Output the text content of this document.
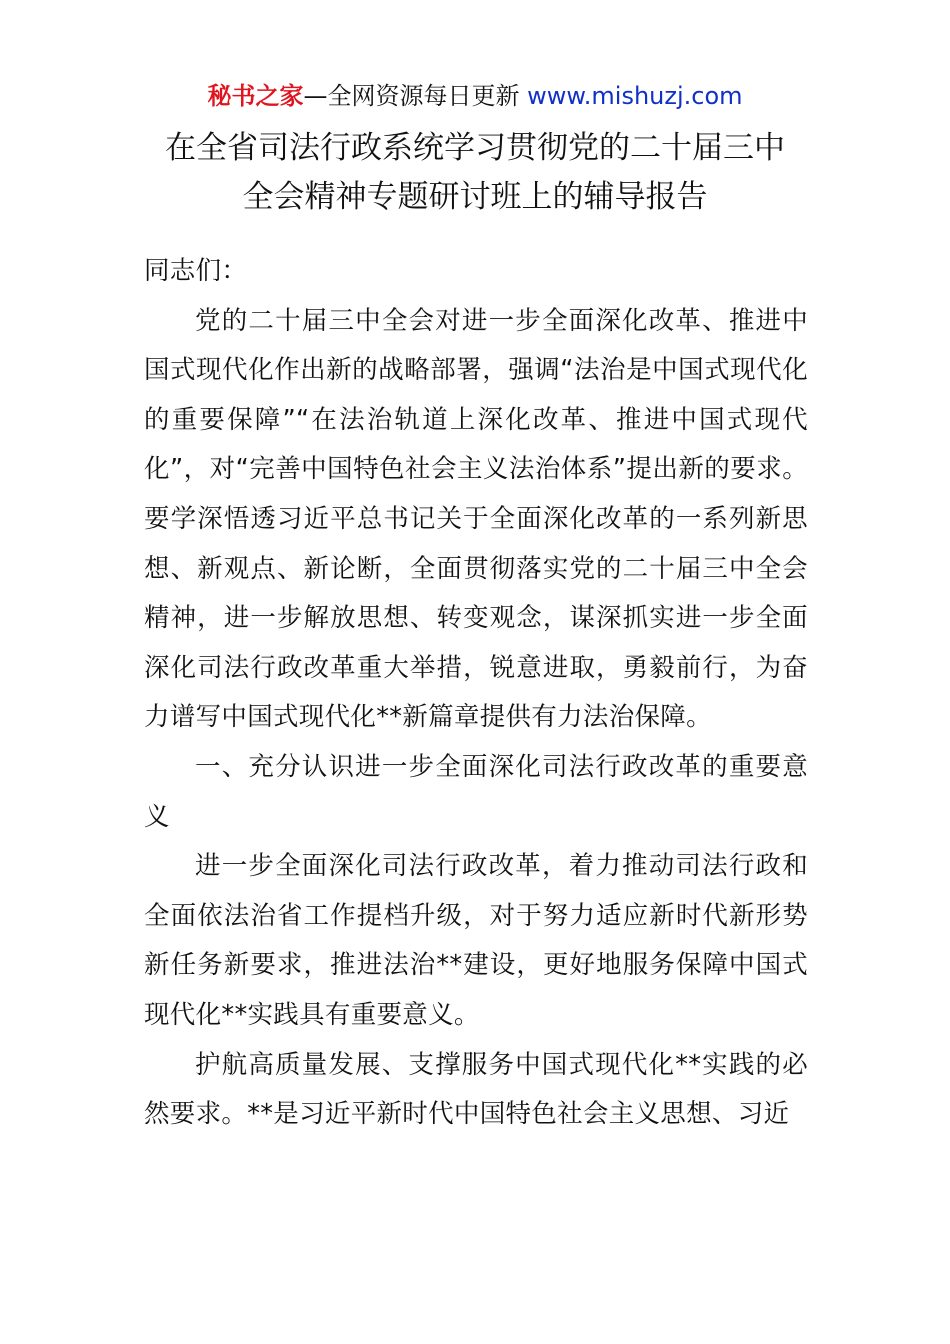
秘书之家—全网资源每日更新 www.mishuzj.com
在全省司法行政系统学习贯彻党的二十届三中
全会精神专题研讨班上的辅导报告

同志们：

党的二十届三中全会对进一步全面深化改革、推进中国式现代化作出新的战略部署，强调“法治是中国式现代化的重要保障”“在法治轨道上深化改革、推进中国式现代化”，对“完善中国特色社会主义法治体系”提出新的要求。要学深悟透习近平总书记关于全面深化改革的一系列新思想、新观点、新论断，全面贯彻落实党的二十届三中全会精神，进一步解放思想、转变观念，谋深抓实进一步全面深化司法行政改革重大举措，锐意进取，勇毅前行，为奋力谱写中国式现代化**新篇章提供有力法治保障。

一、充分认识进一步全面深化司法行政改革的重要意义

进一步全面深化司法行政改革，着力推动司法行政和全面依法治省工作提档升级，对于努力适应新时代新形势新任务新要求，推进法治**建设，更好地服务保障中国式现代化**实践具有重要意义。

护航高质量发展、支撑服务中国式现代化**实践的必然要求。**是习近平新时代中国特色社会主义思想、习近
